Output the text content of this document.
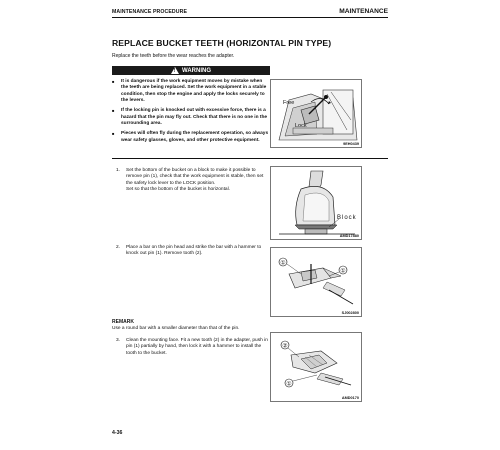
MAINTENANCE PROCEDURE	MAINTENANCE
REPLACE BUCKET TEETH (HORIZONTAL PIN TYPE)
Replace the teeth before the wear reaches the adapter.
!
WARNING
■ It is dangerous if the work equipment moves by mistake when the teeth are being replaced. Set the work equipment in a stable condition, then stop the engine and apply the locks securely to the levers.
■ If the locking pin is knocked out with excessive force, there is a hazard that the pin may fly out. Check that there is no one in the surrounding area.
■ Pieces will often fly during the replacement operation, so always wear safety glasses, gloves, and other protective equipment.
Free
Lock
9EH0439
1.	Set the bottom of the bucket on a block to make it possible to remove pin (1), check that the work equipment is stable, then set the safety lock lever to the LOCK position.
Set so that the bottom of the bucket is horizontal.
Block
AMD17880
2.	Place a bar on the pin head and strike the bar with a hammer to knock out pin (1). Remove tooth (2).
①
①
SJ002800
REMARK
Use a round bar with a smaller diameter than that of the pin.
3.	Clean the mounting face. Fit a new tooth (2) in the adapter, push in pin (1) partially by hand, then lock it with a hammer to install the tooth to the bucket.
②
①
AMD0170
4-36
